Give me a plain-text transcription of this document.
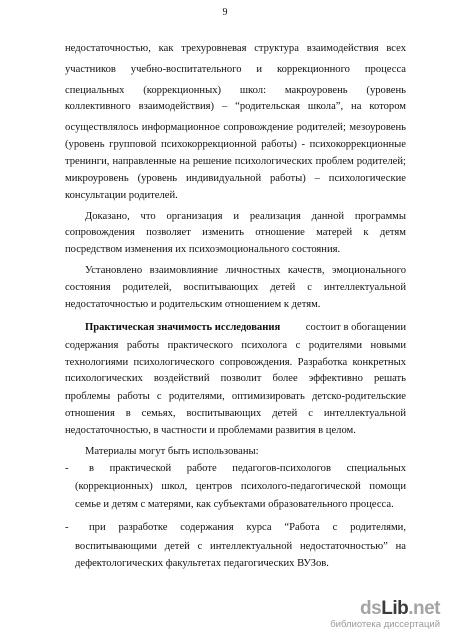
9
недостаточностью, как трехуровневая структура взаимодействия всех
участников учебно-воспитательного и коррекционного процесса
специальных (коррекционных) школ: макроуровень (уровень
коллективного взаимодействия) – “родительская школа”, на котором
осуществлялось информационное сопровождение родителей; мезоуровень
(уровень групповой психокоррекционной работы) - психокоррекционные
тренинги, направленные на решение психологических проблем родителей;
микроуровень (уровень индивидуальной работы) – психологические
консультации родителей.
Доказано, что организация и реализация данной программы
сопровождения позволяет изменить отношение матерей к детям
посредством изменения их психоэмоционального состояния.
Установлено взаимовлияние личностных качеств, эмоционального
состояния родителей, воспитывающих детей с интеллектуальной
недостаточностью и родительским отношением к детям.
Практическая значимость исследования состоит в обогащении
содержания работы практического психолога с родителями новыми
технологиями психологического сопровождения. Разработка конкретных
психологических воздействий позволит более эффективно решать
проблемы работы с родителями, оптимизировать детско-родительские
отношения в семьях, воспитывающих детей с интеллектуальной
недостаточностью, в частности и проблемами развития в целом.
Материалы могут быть использованы:
- в практической работе педагогов-психологов специальных
(коррекционных) школ, центров психолого-педагогической помощи
семье и детям с матерями, как субъектами образовательного процесса.
- при разработке содержания курса “Работа с родителями,
воспитывающими детей с интеллектуальной недостаточностью” на
дефектологических факультетах педагогических ВУЗов.
dsLib.net
библиотека диссертаций
